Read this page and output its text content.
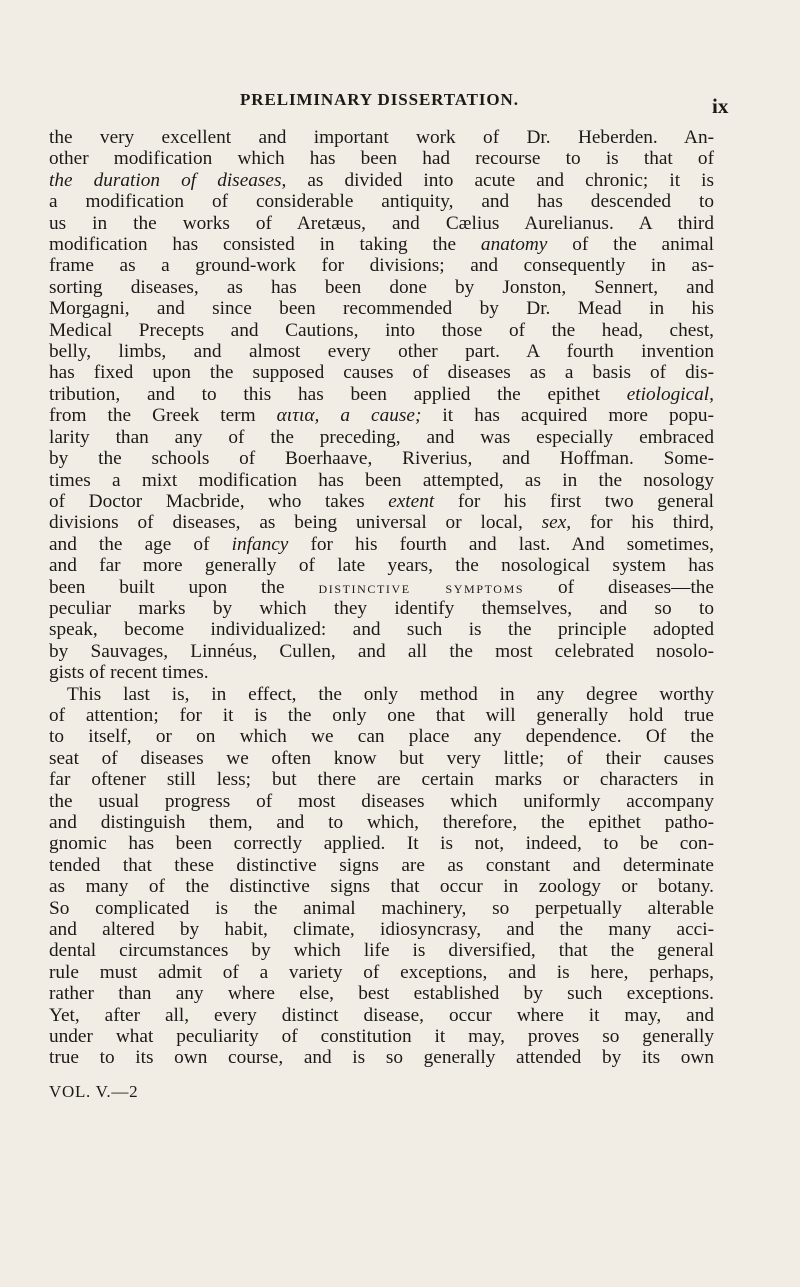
PRELIMINARY DISSERTATION.	ix
the very excellent and important work of Dr. Heberden. An-
other modification which has been had recourse to is that of
the duration of diseases, as divided into acute and chronic; it is
a modification of considerable antiquity, and has descended to
us in the works of Aretæus, and Cælius Aurelianus. A third
modification has consisted in taking the anatomy of the animal
frame as a ground-work for divisions; and consequently in as-
sorting diseases, as has been done by Jonston, Sennert, and
Morgagni, and since been recommended by Dr. Mead in his
Medical Precepts and Cautions, into those of the head, chest,
belly, limbs, and almost every other part. A fourth invention
has fixed upon the supposed causes of diseases as a basis of dis-
tribution, and to this has been applied the epithet etiological,
from the Greek term αιτια, a cause; it has acquired more popu-
larity than any of the preceding, and was especially embraced
by the schools of Boerhaave, Riverius, and Hoffman. Some-
times a mixt modification has been attempted, as in the nosology
of Doctor Macbride, who takes extent for his first two general
divisions of diseases, as being universal or local, sex, for his third,
and the age of infancy for his fourth and last. And sometimes,
and far more generally of late years, the nosological system has
been built upon the distinctive symptoms of diseases—the
peculiar marks by which they identify themselves, and so to
speak, become individualized: and such is the principle adopted
by Sauvages, Linnéus, Cullen, and all the most celebrated nosolo-
gists of recent times.
This last is, in effect, the only method in any degree worthy
of attention; for it is the only one that will generally hold true
to itself, or on which we can place any dependence. Of the
seat of diseases we often know but very little; of their causes
far oftener still less; but there are certain marks or characters in
the usual progress of most diseases which uniformly accompany
and distinguish them, and to which, therefore, the epithet patho-
gnomic has been correctly applied. It is not, indeed, to be con-
tended that these distinctive signs are as constant and determinate
as many of the distinctive signs that occur in zoology or botany.
So complicated is the animal machinery, so perpetually alterable
and altered by habit, climate, idiosyncrasy, and the many acci-
dental circumstances by which life is diversified, that the general
rule must admit of a variety of exceptions, and is here, perhaps,
rather than any where else, best established by such exceptions.
Yet, after all, every distinct disease, occur where it may, and
under what peculiarity of constitution it may, proves so generally
true to its own course, and is so generally attended by its own
VOL. V.—2
